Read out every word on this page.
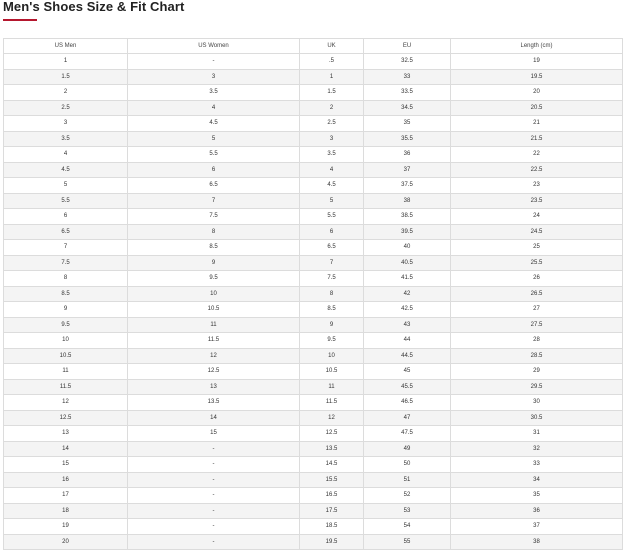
Men's Shoes Size & Fit Chart
US Men	US Women	UK	EU	Length (cm)
1	-	.5	32.5	19
1.5	3	1	33	19.5
2	3.5	1.5	33.5	20
2.5	4	2	34.5	20.5
3	4.5	2.5	35	21
3.5	5	3	35.5	21.5
4	5.5	3.5	36	22
4.5	6	4	37	22.5
5	6.5	4.5	37.5	23
5.5	7	5	38	23.5
6	7.5	5.5	38.5	24
6.5	8	6	39.5	24.5
7	8.5	6.5	40	25
7.5	9	7	40.5	25.5
8	9.5	7.5	41.5	26
8.5	10	8	42	26.5
9	10.5	8.5	42.5	27
9.5	11	9	43	27.5
10	11.5	9.5	44	28
10.5	12	10	44.5	28.5
11	12.5	10.5	45	29
11.5	13	11	45.5	29.5
12	13.5	11.5	46.5	30
12.5	14	12	47	30.5
13	15	12.5	47.5	31
14	-	13.5	49	32
15	-	14.5	50	33
16	-	15.5	51	34
17	-	16.5	52	35
18	-	17.5	53	36
19	-	18.5	54	37
20	-	19.5	55	38
